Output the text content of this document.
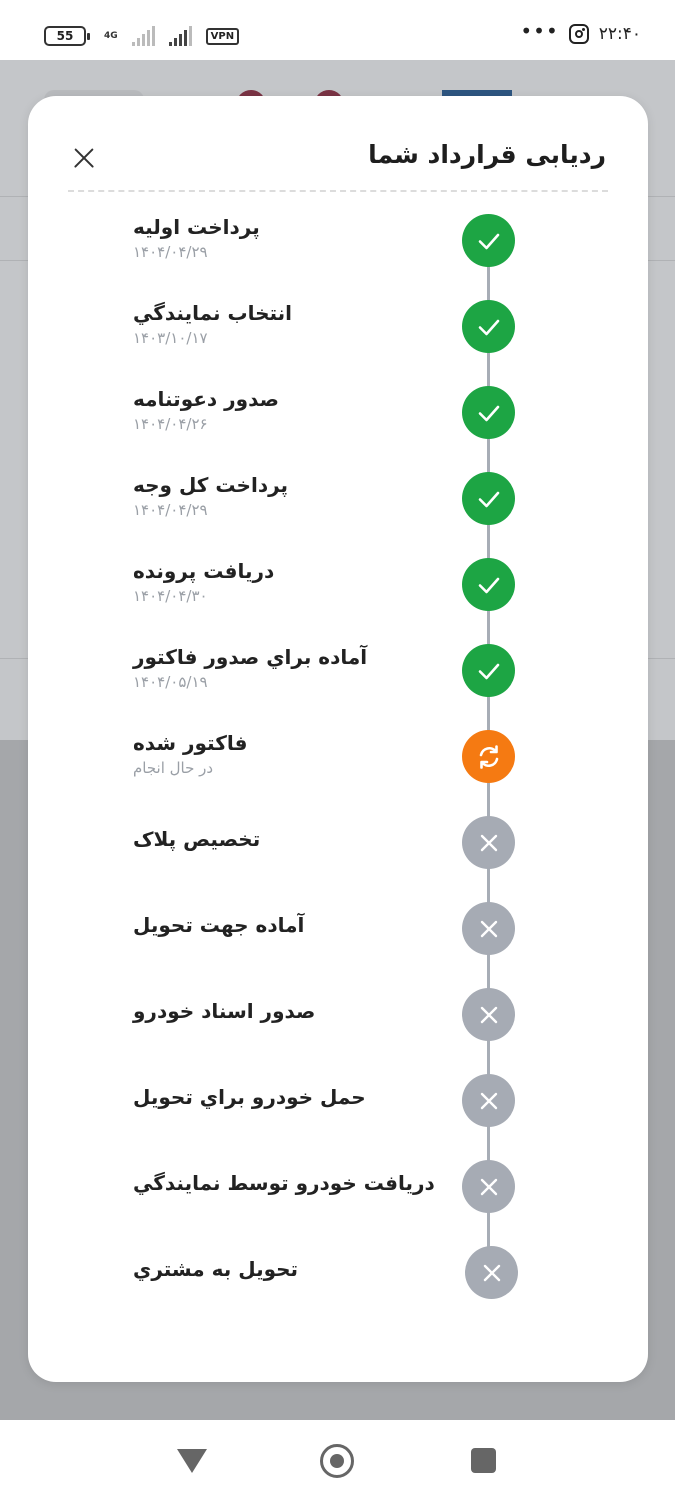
55	4G	VPN	••• ۲۲:۴۰
ردیابی قرارداد شما
پرداخت اولیه
۱۴۰۴/۰۴/۲۹
انتخاب نمایندگي
۱۴۰۳/۱۰/۱۷
صدور دعوتنامه
۱۴۰۴/۰۴/۲۶
پرداخت کل وجه
۱۴۰۴/۰۴/۲۹
دریافت پرونده
۱۴۰۴/۰۴/۳۰
آماده براي صدور فاکتور
۱۴۰۴/۰۵/۱۹
فاکتور شده
در حال انجام
تخصیص پلاک
آماده جهت تحویل
صدور اسناد خودرو
حمل خودرو براي تحویل
دریافت خودرو توسط نمایندگي
تحویل به مشتري
